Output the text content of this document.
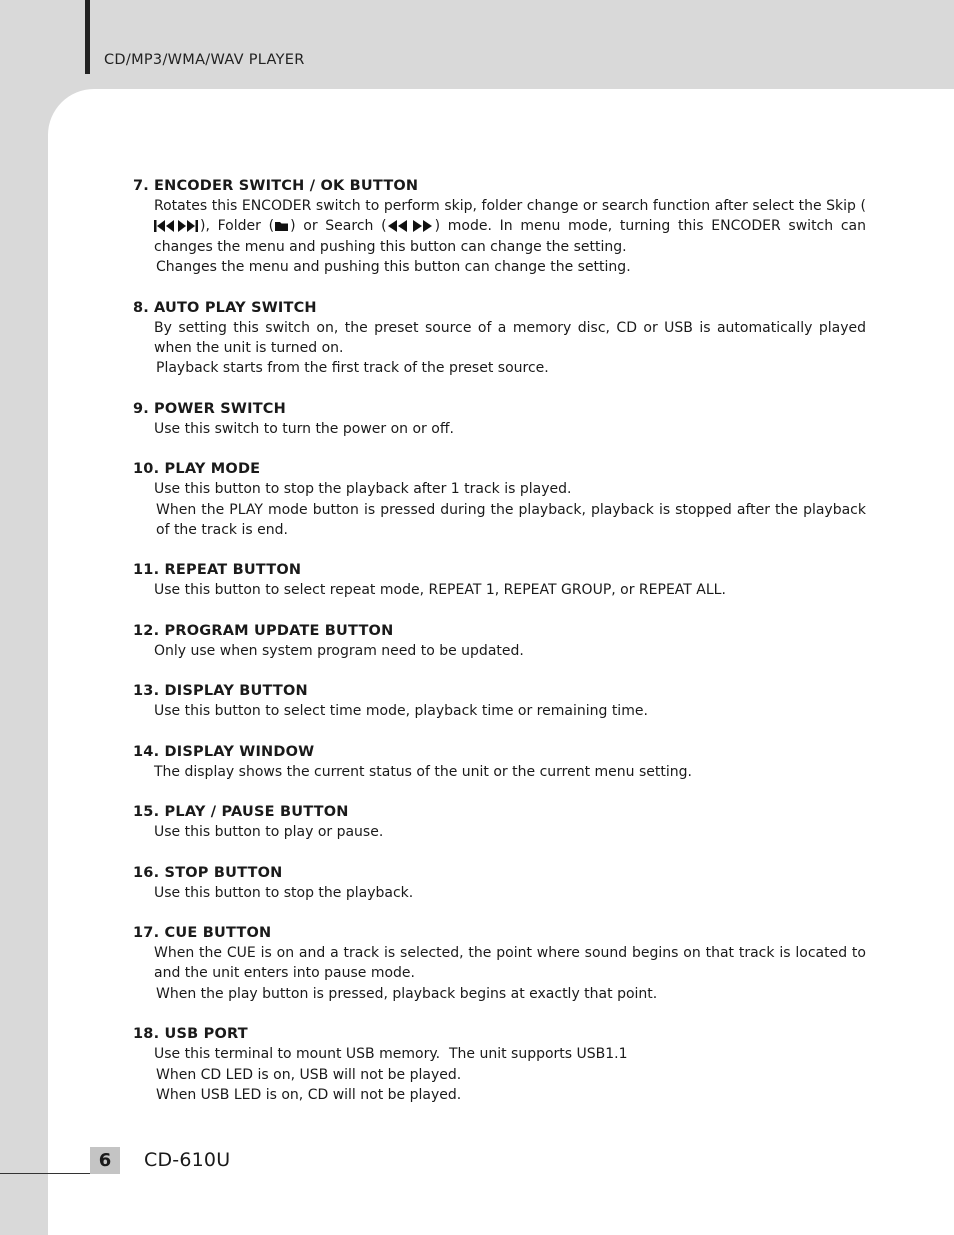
CD/MP3/WMA/WAV PLAYER
7. ENCODER SWITCH / OK BUTTON
Rotates this ENCODER switch to perform skip, folder change or search function after select the Skip (
), Folder ( ) or Search (	) mode. In menu mode, turning this ENCODER switch can changes the menu and pushing this button can change the setting.
Changes the menu and pushing this button can change the setting.
8. AUTO PLAY SWITCH
By setting this switch on, the preset source of a memory disc, CD or USB is automatically played when the unit is turned on.
Playback starts from the first track of the preset source.
9. POWER SWITCH
Use this switch to turn the power on or off.
10. PLAY MODE
Use this button to stop the playback after 1 track is played.
When the PLAY mode button is pressed during the playback, playback is stopped after the playback of the track is end.
11. REPEAT BUTTON
Use this button to select repeat mode, REPEAT 1, REPEAT GROUP, or REPEAT ALL.
12. PROGRAM UPDATE BUTTON
Only use when system program need to be updated.
13. DISPLAY BUTTON
Use this button to select time mode, playback time or remaining time.
14. DISPLAY WINDOW
The display shows the current status of the unit or the current menu setting.
15. PLAY / PAUSE BUTTON
Use this button to play or pause.
16. STOP BUTTON
Use this button to stop the playback.
17. CUE BUTTON
When the CUE is on and a track is selected, the point where sound begins on that track is located to and the unit enters into pause mode.
When the play button is pressed, playback begins at exactly that point.
18. USB PORT
Use this terminal to mount USB memory.  The unit supports USB1.1
When CD LED is on, USB will not be played.
When USB LED is on, CD will not be played.
6	CD-610U
